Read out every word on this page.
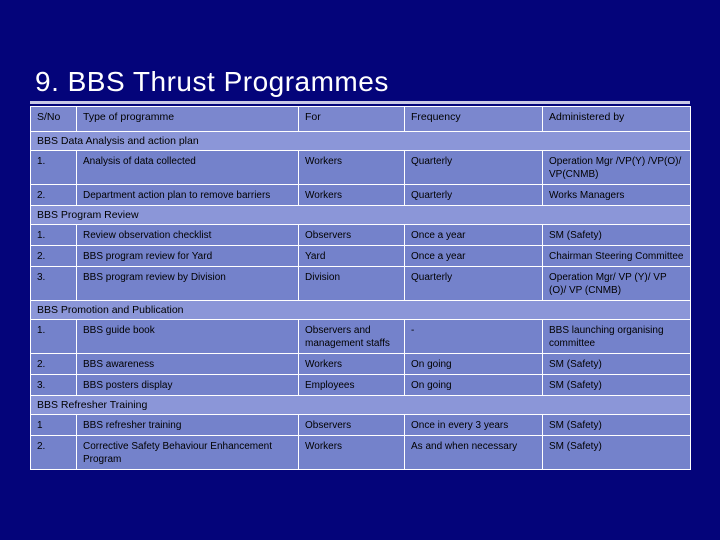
9. BBS Thrust Programmes
S/No	Type of programme	For	Frequency	Administered by
BBS Data Analysis and action plan				
1.	Analysis of data collected	Workers	Quarterly	Operation Mgr /VP(Y) /VP(O)/ VP(CNMB)
2.	Department action plan to remove barriers	Workers	Quarterly	Works Managers
BBS Program Review				
1.	Review observation checklist	Observers	Once a year	SM (Safety)
2.	BBS program review for Yard	Yard	Once a year	Chairman Steering Committee
3.	BBS program review by Division	Division	Quarterly	Operation Mgr/ VP (Y)/ VP (O)/ VP (CNMB)
BBS Promotion and Publication				
1.	BBS guide book	Observers and management staffs	-	BBS launching organising committee
2.	BBS awareness	Workers	On going	SM (Safety)
3.	BBS posters display	Employees	On going	SM (Safety)
BBS Refresher Training				
1	BBS refresher training	Observers	Once in every 3 years	SM (Safety)
2.	Corrective Safety Behaviour Enhancement Program	Workers	As and when necessary	SM (Safety)
